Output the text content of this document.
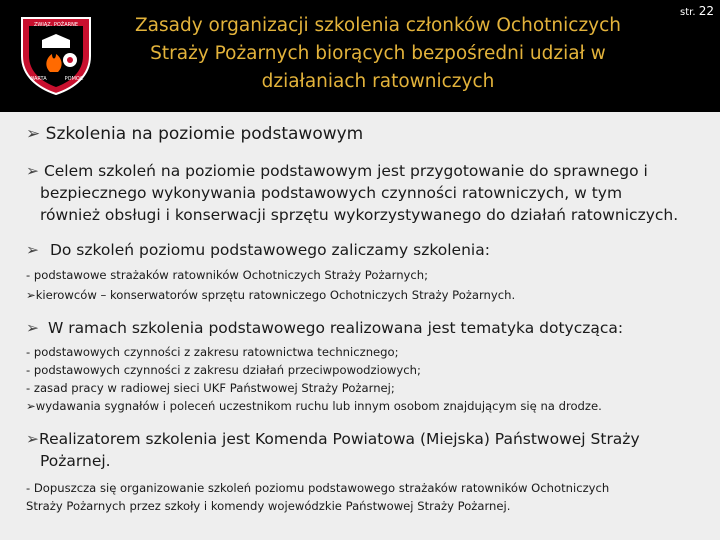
ZWIĄZ. POŻARNE
WARTA	POMOC
Zasady organizacji szkolenia członków Ochotniczych
Straży Pożarnych biorących bezpośredni udział w
działaniach ratowniczych
str. 22

➢ Szkolenia na poziomie podstawowym

➢ Celem szkoleń na poziomie podstawowym jest przygotowanie do sprawnego i

bezpiecznego wykonywania podstawowych czynności ratowniczych, w tym

również obsługi i konserwacji sprzętu wykorzystywanego do działań ratowniczych.

➢ Do szkoleń poziomu podstawowego zaliczamy szkolenia:

- podstawowe strażaków ratowników Ochotniczych Straży Pożarnych;

➢kierowców – konserwatorów sprzętu ratowniczego Ochotniczych Straży Pożarnych.

➢ W ramach szkolenia podstawowego realizowana jest tematyka dotycząca:

- podstawowych czynności z zakresu ratownictwa technicznego;

- podstawowych czynności z zakresu działań przeciwpowodziowych;

- zasad pracy w radiowej sieci UKF Państwowej Straży Pożarnej;

➢wydawania sygnałów i poleceń uczestnikom ruchu lub innym osobom znajdującym się na drodze.

➢Realizatorem szkolenia jest Komenda Powiatowa (Miejska) Państwowej Straży

Pożarnej.

- Dopuszcza się organizowanie szkoleń poziomu podstawowego strażaków ratowników Ochotniczych

Straży Pożarnych przez szkoły i komendy wojewódzkie Państwowej Straży Pożarnej.
